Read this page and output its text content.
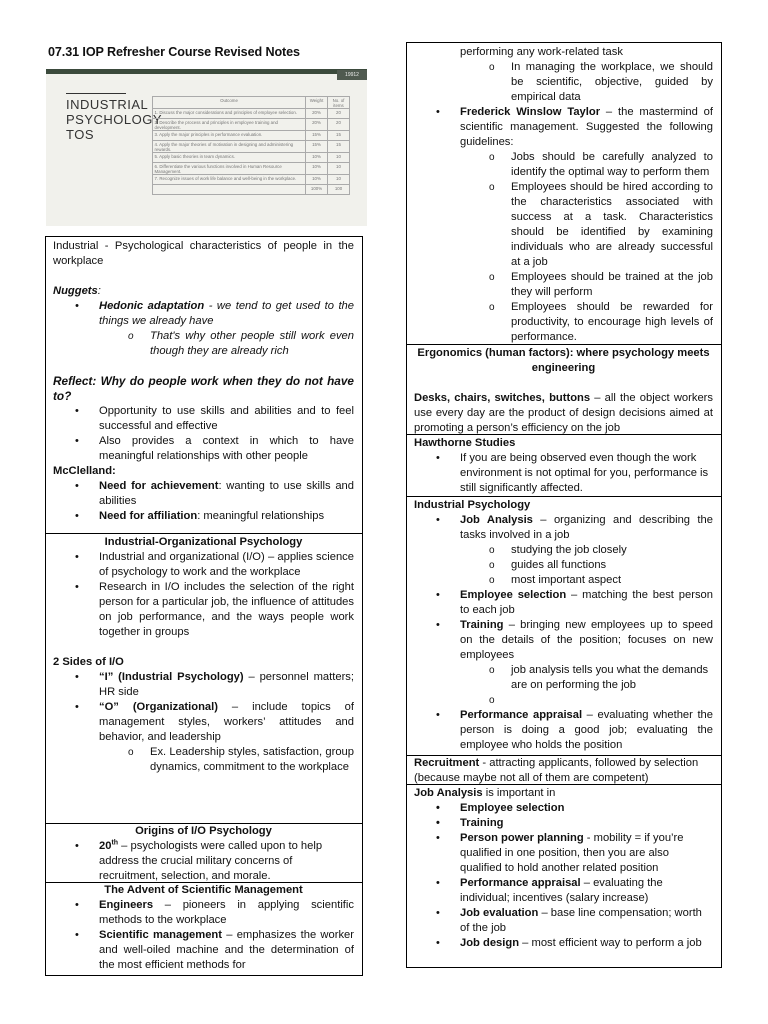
07.31 IOP Refresher Course Revised Notes
19912
INDUSTRIAL
PSYCHOLOGY
TOS
Outcome	Weight	No. of items
1. Discuss the major considerations and principles of employee selection.	20%	20
2. Describe the process and principles in employee training and development.	20%	20
3. Apply the major principles in performance evaluation.	15%	15
4. Apply the major theories of motivation in designing and administering rewards.	15%	15
5. Apply basic theories in team dynamics.	10%	10
6. Differentiate the various functions involved in Human Resource Management.	10%	10
7. Recognize issues of work life balance and well-being in the workplace.	10%	10
	100%	100

Industrial - Psychological characteristics of people in the workplace

Nuggets:

• Hedonic adaptation - we tend to get used to the things we already have
o That's why other people still work even though they are already rich

Reflect: Why do people work when they do not have to?

• Opportunity to use skills and abilities and to feel successful and effective
• Also provides a context in which to have meaningful relationships with other people

McClelland:

• Need for achievement: wanting to use skills and abilities
• Need for affiliation: meaningful relationships

Industrial-Organizational Psychology

• Industrial and organizational (I/O) – applies science of psychology to work and the workplace
• Research in I/O includes the selection of the right person for a particular job, the influence of attitudes on job performance, and the ways people work together in groups

2 Sides of I/O

• “I” (Industrial Psychology) – personnel matters; HR side
• “O” (Organizational) – include topics of management styles, workers’ attitudes and behavior, and leadership
o Ex. Leadership styles, satisfaction, group dynamics, commitment to the workplace

Origins of I/O Psychology

• 20th – psychologists were called upon to help address the crucial military concerns of recruitment, selection, and morale.

The Advent of Scientific Management

• Engineers – pioneers in applying scientific methods to the workplace
• Scientific management – emphasizes the worker and well-oiled machine and the determination of the most efficient methods for
performing any work-related task
o In managing the workplace, we should be scientific, objective, guided by empirical data
• Frederick Winslow Taylor – the mastermind of scientific management. Suggested the following guidelines:
o Jobs should be carefully analyzed to identify the optimal way to perform them
o Employees should be hired according to the characteristics associated with success at a task. Characteristics should be identified by examining individuals who are already successful at a job
o Employees should be trained at the job they will perform
o Employees should be rewarded for productivity, to encourage high levels of performance.

Ergonomics (human factors): where psychology meets engineering

Desks, chairs, switches, buttons – all the object workers use every day are the product of design decisions aimed at promoting a person’s efficiency on the job

Hawthorne Studies

• If you are being observed even though the work environment is not optimal for you, performance is still significantly affected.

Industrial Psychology

• Job Analysis – organizing and describing the tasks involved in a job
o studying the job closely
o guides all functions
o most important aspect
• Employee selection – matching the best person to each job
• Training – bringing new employees up to speed on the details of the position; focuses on new employees
o job analysis tells you what the demands are on performing the job
o
• Performance appraisal – evaluating whether the person is doing a good job; evaluating the employee who holds the position

Recruitment - attracting applicants, followed by selection (because maybe not all of them are competent)

Job Analysis is important in

• Employee selection
• Training
• Person power planning - mobility = if you’re qualified in one position, then you are also qualified to hold another related position
• Performance appraisal – evaluating the individual; incentives (salary increase)
• Job evaluation – base line compensation; worth of the job
• Job design – most efficient way to perform a job
